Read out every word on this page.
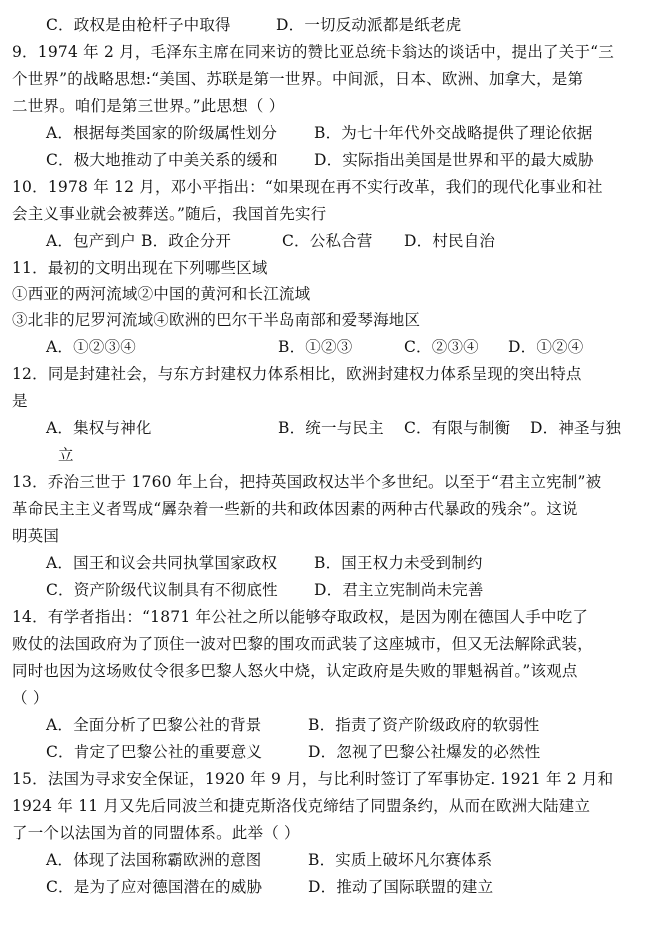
C．政权是由枪杆子中取得	D．一切反动派都是纸老虎
9．1974 年 2 月，毛泽东主席在同来访的赞比亚总统卡翁达的谈话中，提出了关于“三
个世界”的战略思想:“美国、苏联是第一世界。中间派，日本、欧洲、加拿大，是第
二世界。咱们是第三世界。”此思想（ ）
A．根据每类国家的阶级属性划分 B．为七十年代外交战略提供了理论依据
C．极大地推动了中美关系的缓和 D．实际指出美国是世界和平的最大威胁
10．1978 年 12 月，邓小平指出：“如果现在再不实行改革，我们的现代化事业和社
会主义事业就会被葬送。”随后，我国首先实行
A．包产到户 B．政企分开	C．公私合营 D．村民自治
11．最初的文明出现在下列哪些区域
①西亚的两河流域②中国的黄河和长江流域
③北非的尼罗河流域④欧洲的巴尔干半岛南部和爱琴海地区
A．①②③④	B．①②③	C．②③④ D．①②④
12．同是封建社会，与东方封建权力体系相比，欧洲封建权力体系呈现的突出特点
是
A．集权与神化	B．统一与民主 C．有限与制衡 D．神圣与独
立
13．乔治三世于 1760 年上台，把持英国政权达半个多世纪。以至于“君主立宪制”被
革命民主主义者骂成“羼杂着一些新的共和政体因素的两种古代暴政的残余”。这说
明英国
A．国王和议会共同执掌国家政权 B．国王权力未受到制约
C．资产阶级代议制具有不彻底性 D．君主立宪制尚未完善
14．有学者指出：“1871 年公社之所以能够夺取政权，是因为刚在德国人手中吃了
败仗的法国政府为了顶住一波对巴黎的围攻而武装了这座城市，但又无法解除武装，
同时也因为这场败仗令很多巴黎人怒火中烧，认定政府是失败的罪魁祸首。”该观点
（ ）
A．全面分析了巴黎公社的背景	B．指责了资产阶级政府的软弱性
C．肯定了巴黎公社的重要意义	D．忽视了巴黎公社爆发的必然性
15．法国为寻求安全保证，1920 年 9 月，与比利时签订了军事协定. 1921 年 2 月和
1924 年 11 月又先后同波兰和捷克斯洛伐克缔结了同盟条约，从而在欧洲大陆建立
了一个以法国为首的同盟体系。此举（ ）
A．体现了法国称霸欧洲的意图	B．实质上破坏凡尔赛体系
C．是为了应对德国潜在的威胁	D．推动了国际联盟的建立
